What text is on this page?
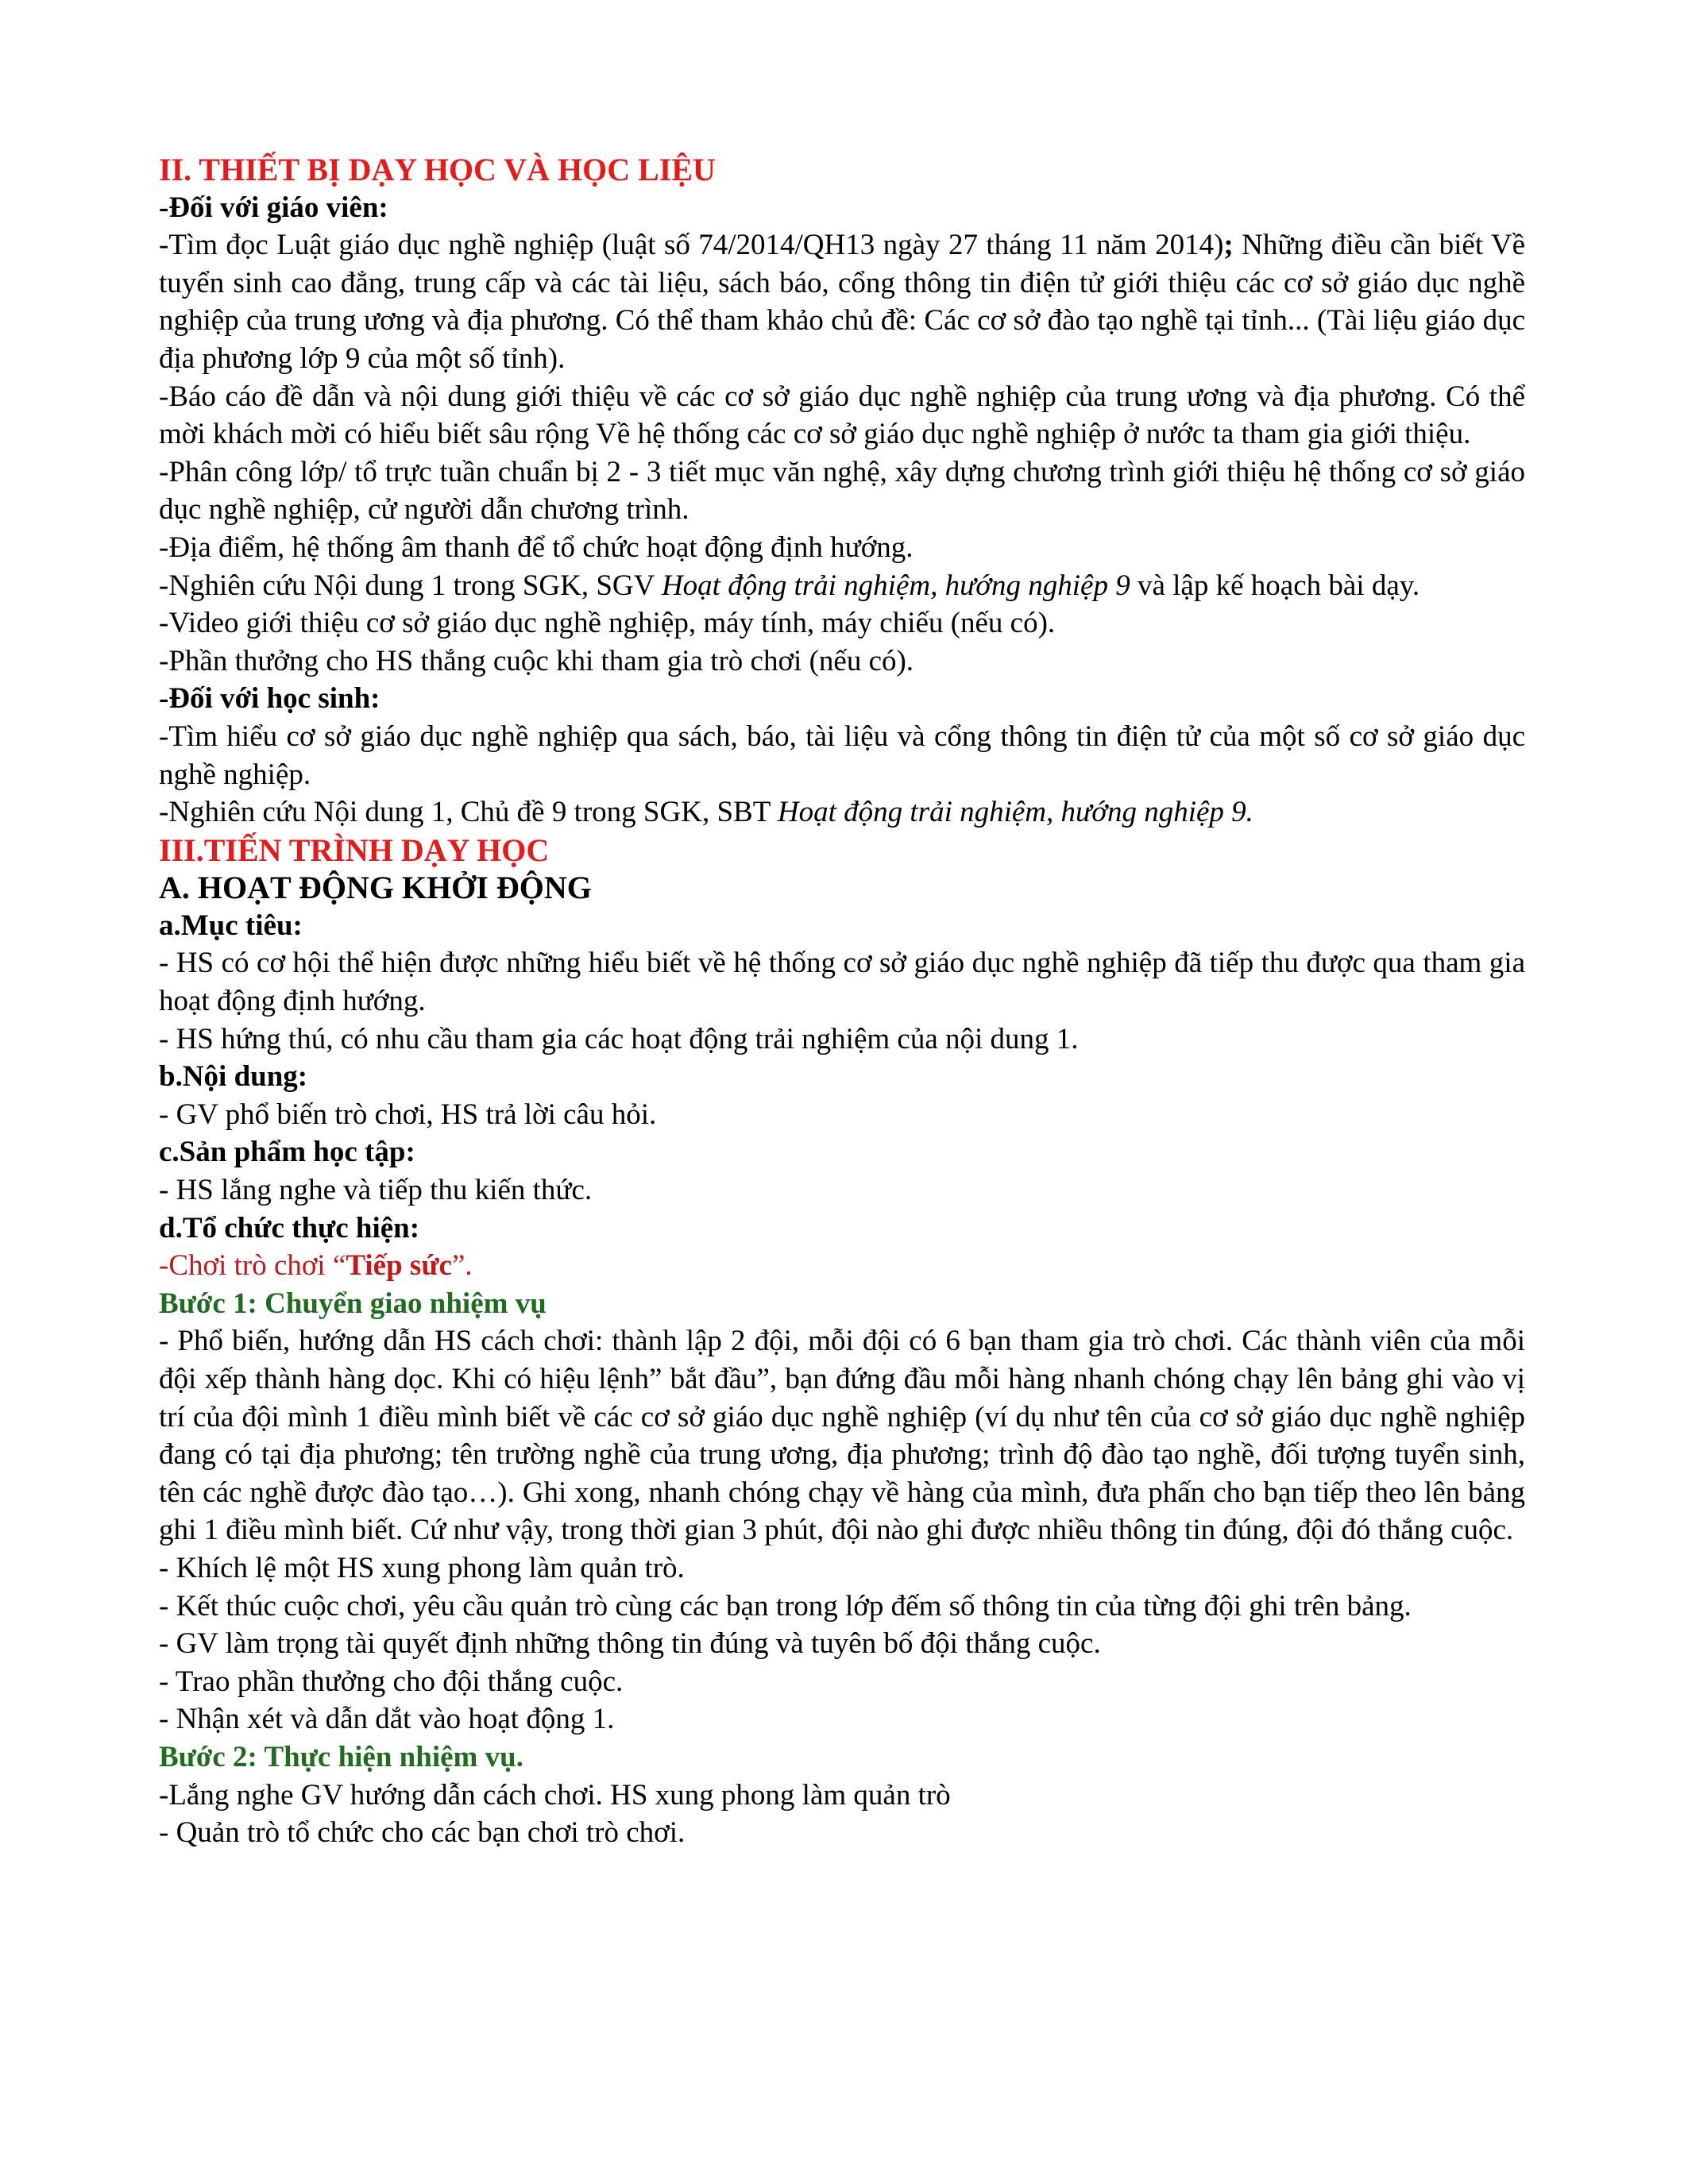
II. THIẾT BỊ DẠY HỌC VÀ HỌC LIỆU

-Đối với giáo viên:

-Tìm đọc Luật giáo dục nghề nghiệp (luật số 74/2014/QH13 ngày 27 tháng 11 năm 2014); Những điều cần biết Về tuyển sinh cao đẳng, trung cấp và các tài liệu, sách báo, cổng thông tin điện tử giới thiệu các cơ sở giáo dục nghề nghiệp của trung ương và địa phương. Có thể tham khảo chủ đề: Các cơ sở đào tạo nghề tại tỉnh... (Tài liệu giáo dục địa phương lớp 9 của một số tỉnh).

-Báo cáo đề dẫn và nội dung giới thiệu về các cơ sở giáo dục nghề nghiệp của trung ương và địa phương. Có thể mời khách mời có hiểu biết sâu rộng Về hệ thống các cơ sở giáo dục nghề nghiệp ở nước ta tham gia giới thiệu.

-Phân công lớp/ tổ trực tuần chuẩn bị 2 - 3 tiết mục văn nghệ, xây dựng chương trình giới thiệu hệ thống cơ sở giáo dục nghề nghiệp, cử người dẫn chương trình.

-Địa điểm, hệ thống âm thanh để tổ chức hoạt động định hướng.

-Nghiên cứu Nội dung 1 trong SGK, SGV Hoạt động trải nghiệm, hướng nghiệp 9 và lập kế hoạch bài dạy.

-Video giới thiệu cơ sở giáo dục nghề nghiệp, máy tính, máy chiếu (nếu có).

-Phần thưởng cho HS thắng cuộc khi tham gia trò chơi (nếu có).

-Đối với học sinh:

-Tìm hiểu cơ sở giáo dục nghề nghiệp qua sách, báo, tài liệu và cổng thông tin điện tử của một số cơ sở giáo dục nghề nghiệp.

-Nghiên cứu Nội dung 1, Chủ đề 9 trong SGK, SBT Hoạt động trải nghiệm, hướng nghiệp 9.

III.TIẾN TRÌNH DẠY HỌC

A. HOẠT ĐỘNG KHỞI ĐỘNG

a.Mục tiêu:

- HS có cơ hội thể hiện được những hiểu biết về hệ thống cơ sở giáo dục nghề nghiệp đã tiếp thu được qua tham gia hoạt động định hướng.

- HS hứng thú, có nhu cầu tham gia các hoạt động trải nghiệm của nội dung 1.

b.Nội dung:

- GV phổ biến trò chơi, HS trả lời câu hỏi.

c.Sản phẩm học tập:

- HS lắng nghe và tiếp thu kiến thức.

d.Tổ chức thực hiện:

-Chơi trò chơi “Tiếp sức”.

Bước 1: Chuyển giao nhiệm vụ

- Phổ biến, hướng dẫn HS cách chơi: thành lập 2 đội, mỗi đội có 6 bạn tham gia trò chơi. Các thành viên của mỗi đội xếp thành hàng dọc. Khi có hiệu lệnh” bắt đầu”, bạn đứng đầu mỗi hàng nhanh chóng chạy lên bảng ghi vào vị trí của đội mình 1 điều mình biết về các cơ sở giáo dục nghề nghiệp (ví dụ như tên của cơ sở giáo dục nghề nghiệp đang có tại địa phương; tên trường nghề của trung ương, địa phương; trình độ đào tạo nghề, đối tượng tuyển sinh, tên các nghề được đào tạo…). Ghi xong, nhanh chóng chạy về hàng của mình, đưa phấn cho bạn tiếp theo lên bảng ghi 1 điều mình biết. Cứ như vậy, trong thời gian 3 phút, đội nào ghi được nhiều thông tin đúng, đội đó thắng cuộc.

- Khích lệ một HS xung phong làm quản trò.

- Kết thúc cuộc chơi, yêu cầu quản trò cùng các bạn trong lớp đếm số thông tin của từng đội ghi trên bảng.

- GV làm trọng tài quyết định những thông tin đúng và tuyên bố đội thắng cuộc.

- Trao phần thưởng cho đội thắng cuộc.

- Nhận xét và dẫn dắt vào hoạt động 1.

Bước 2: Thực hiện nhiệm vụ.

-Lắng nghe GV hướng dẫn cách chơi. HS xung phong làm quản trò

- Quản trò tổ chức cho các bạn chơi trò chơi.
